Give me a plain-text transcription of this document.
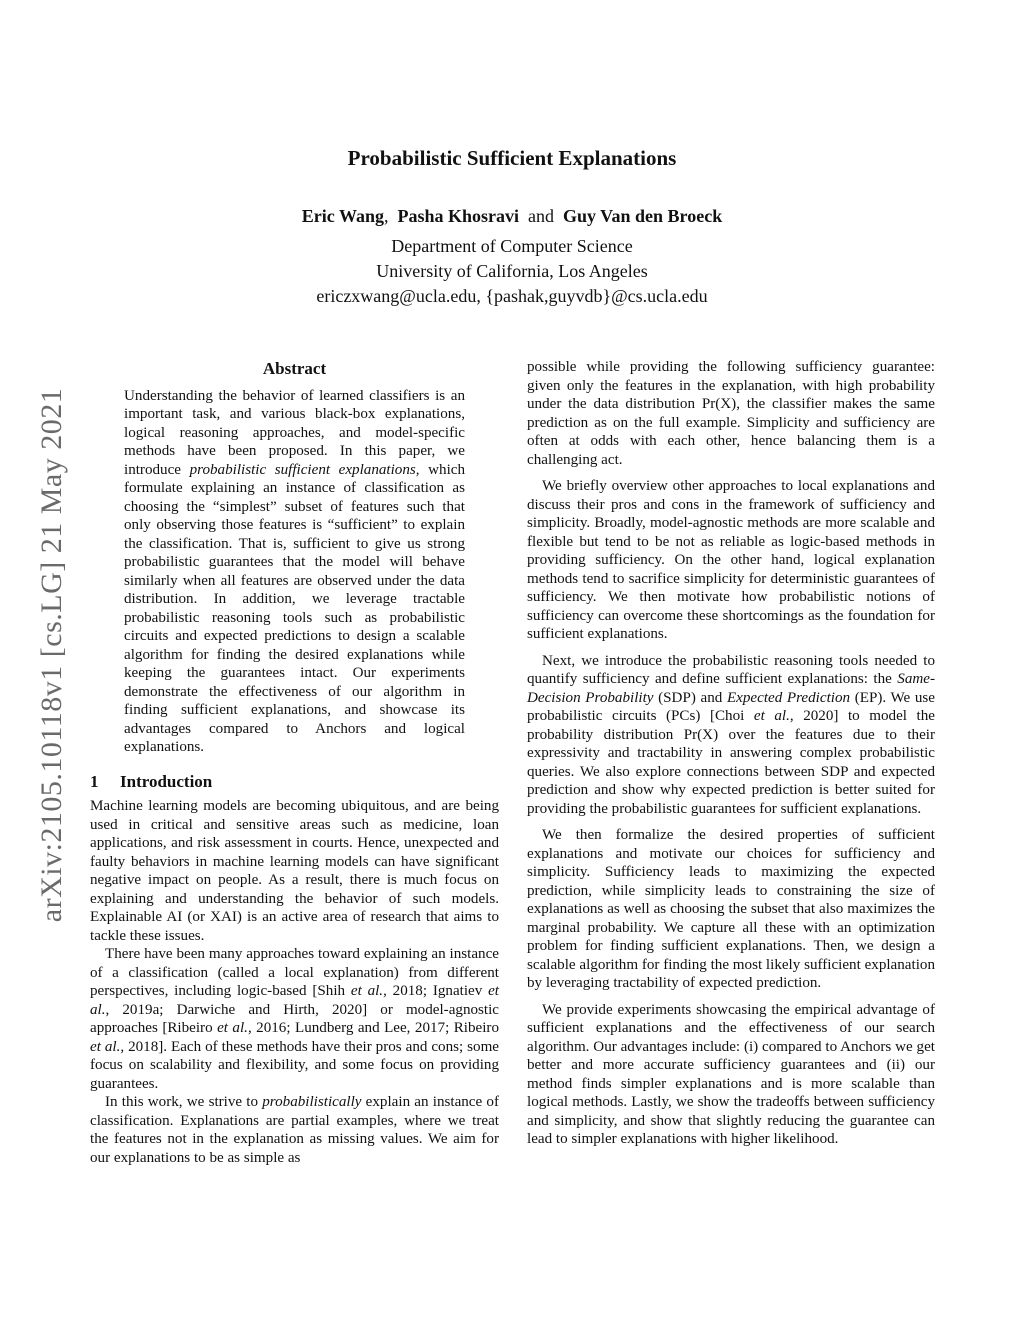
arXiv:2105.10118v1 [cs.LG] 21 May 2021
Probabilistic Sufficient Explanations
Eric Wang, Pasha Khosravi and Guy Van den Broeck
Department of Computer Science
University of California, Los Angeles
ericzxwang@ucla.edu, {pashak,guyvdb}@cs.ucla.edu
Abstract

Understanding the behavior of learned classifiers is an important task, and various black-box explanations, logical reasoning approaches, and model-specific methods have been proposed. In this paper, we introduce probabilistic sufficient explanations, which formulate explaining an instance of classification as choosing the “simplest” subset of features such that only observing those features is “sufficient” to explain the classification. That is, sufficient to give us strong probabilistic guarantees that the model will behave similarly when all features are observed under the data distribution. In addition, we leverage tractable probabilistic reasoning tools such as probabilistic circuits and expected predictions to design a scalable algorithm for finding the desired explanations while keeping the guarantees intact. Our experiments demonstrate the effectiveness of our algorithm in finding sufficient explanations, and showcase its advantages compared to Anchors and logical explanations.

1 Introduction

Machine learning models are becoming ubiquitous, and are being used in critical and sensitive areas such as medicine, loan applications, and risk assessment in courts. Hence, unexpected and faulty behaviors in machine learning models can have significant negative impact on people. As a result, there is much focus on explaining and understanding the behavior of such models. Explainable AI (or XAI) is an active area of research that aims to tackle these issues.

There have been many approaches toward explaining an instance of a classification (called a local explanation) from different perspectives, including logic-based [Shih et al., 2018; Ignatiev et al., 2019a; Darwiche and Hirth, 2020] or model-agnostic approaches [Ribeiro et al., 2016; Lundberg and Lee, 2017; Ribeiro et al., 2018]. Each of these methods have their pros and cons; some focus on scalability and flexibility, and some focus on providing guarantees.

In this work, we strive to probabilistically explain an instance of classification. Explanations are partial examples, where we treat the features not in the explanation as missing values. We aim for our explanations to be as simple as

possible while providing the following sufficiency guarantee: given only the features in the explanation, with high probability under the data distribution Pr(X), the classifier makes the same prediction as on the full example. Simplicity and sufficiency are often at odds with each other, hence balancing them is a challenging act.

We briefly overview other approaches to local explanations and discuss their pros and cons in the framework of sufficiency and simplicity. Broadly, model-agnostic methods are more scalable and flexible but tend to be not as reliable as logic-based methods in providing sufficiency. On the other hand, logical explanation methods tend to sacrifice simplicity for deterministic guarantees of sufficiency. We then motivate how probabilistic notions of sufficiency can overcome these shortcomings as the foundation for sufficient explanations.

Next, we introduce the probabilistic reasoning tools needed to quantify sufficiency and define sufficient explanations: the Same-Decision Probability (SDP) and Expected Prediction (EP). We use probabilistic circuits (PCs) [Choi et al., 2020] to model the probability distribution Pr(X) over the features due to their expressivity and tractability in answering complex probabilistic queries. We also explore connections between SDP and expected prediction and show why expected prediction is better suited for providing the probabilistic guarantees for sufficient explanations.

We then formalize the desired properties of sufficient explanations and motivate our choices for sufficiency and simplicity. Sufficiency leads to maximizing the expected prediction, while simplicity leads to constraining the size of explanations as well as choosing the subset that also maximizes the marginal probability. We capture all these with an optimization problem for finding sufficient explanations. Then, we design a scalable algorithm for finding the most likely sufficient explanation by leveraging tractability of expected prediction.

We provide experiments showcasing the empirical advantage of sufficient explanations and the effectiveness of our search algorithm. Our advantages include: (i) compared to Anchors we get better and more accurate sufficiency guarantees and (ii) our method finds simpler explanations and is more scalable than logical methods. Lastly, we show the tradeoffs between sufficiency and simplicity, and show that slightly reducing the guarantee can lead to simpler explanations with higher likelihood.
